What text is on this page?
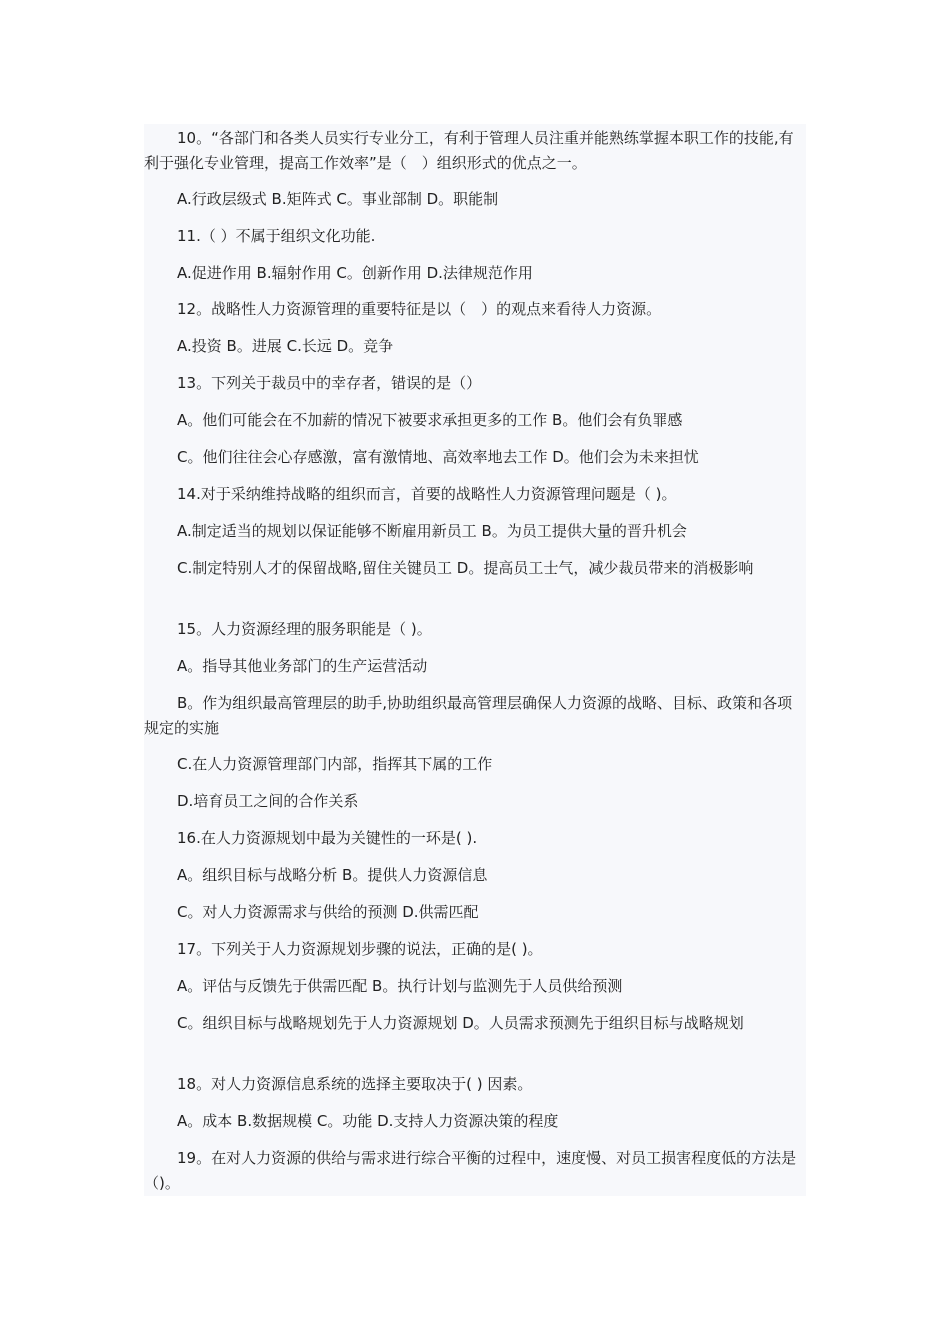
10。“各部门和各类人员实行专业分工，有利于管理人员注重并能熟练掌握本职工作的技能,有利于强化专业管理，提高工作效率”是（　）组织形式的优点之一。

A.行政层级式 B.矩阵式 C。事业部制 D。职能制

11.（ ）不属于组织文化功能.

A.促进作用 B.辐射作用 C。创新作用 D.法律规范作用

12。战略性人力资源管理的重要特征是以（　）的观点来看待人力资源。

A.投资 B。进展 C.长远 D。竞争

13。下列关于裁员中的幸存者，错误的是（）

A。他们可能会在不加薪的情况下被要求承担更多的工作 B。他们会有负罪感

C。他们往往会心存感激，富有激情地、高效率地去工作 D。他们会为未来担忧

14.对于采纳维持战略的组织而言，首要的战略性人力资源管理问题是（ )。

A.制定适当的规划以保证能够不断雇用新员工 B。为员工提供大量的晋升机会

C.制定特别人才的保留战略,留住关键员工 D。提高员工士气，减少裁员带来的消极影响

15。人力资源经理的服务职能是（ )。

A。指导其他业务部门的生产运营活动

B。作为组织最高管理层的助手,协助组织最高管理层确保人力资源的战略、目标、政策和各项规定的实施

C.在人力资源管理部门内部，指挥其下属的工作

D.培育员工之间的合作关系

16.在人力资源规划中最为关键性的一环是( ).

A。组织目标与战略分析 B。提供人力资源信息

C。对人力资源需求与供给的预测 D.供需匹配

17。下列关于人力资源规划步骤的说法，正确的是( )。

A。评估与反馈先于供需匹配 B。执行计划与监测先于人员供给预测

C。组织目标与战略规划先于人力资源规划 D。人员需求预测先于组织目标与战略规划

18。对人力资源信息系统的选择主要取决于( ) 因素。

A。成本 B.数据规模 C。功能 D.支持人力资源决策的程度

19。在对人力资源的供给与需求进行综合平衡的过程中，速度慢、对员工损害程度低的方法是（)。
